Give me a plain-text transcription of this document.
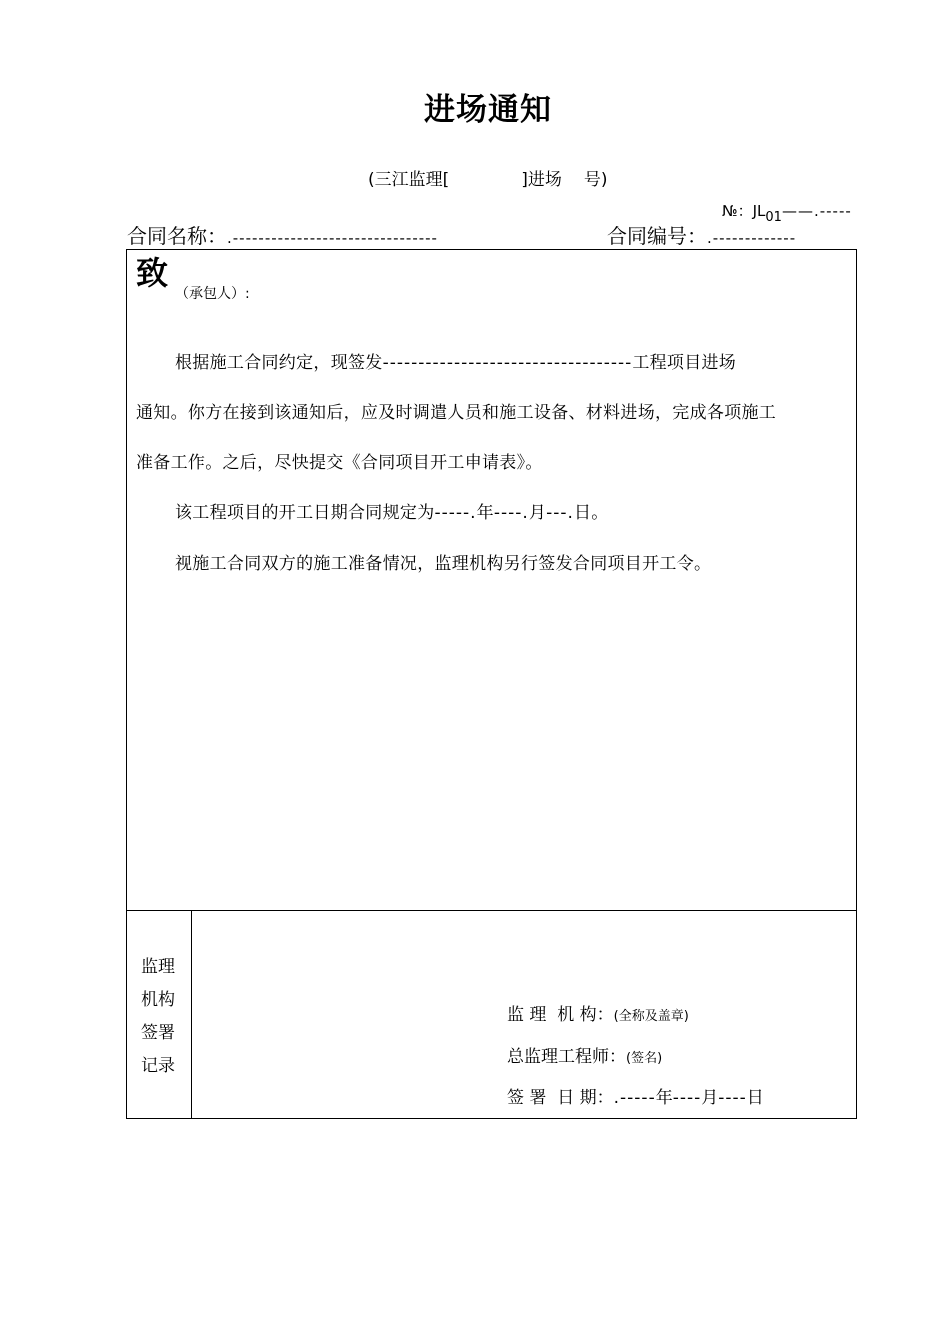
进场通知
(三江监理[	]进场 号)
№：$JL_{01}——.-----$
合同名称：.--------------------------------	合同编号：.-------------
致
（承包人）:
根据施工合同约定，现签发-----------------------------------工程项目进场
通知。你方在接到该通知后，应及时调遣人员和施工设备、材料进场，完成各项施工
准备工作。之后，尽快提交《合同项目开工申请表》。
该工程项目的开工日期合同规定为-----.年----.月---.日。
视施工合同双方的施工准备情况，监理机构另行签发合同项目开工令。
监理
机构
签署
记录
监 理  机 构：(全称及盖章)
总监理工程师：(签名)
签 署  日 期：.-----年----月----日
